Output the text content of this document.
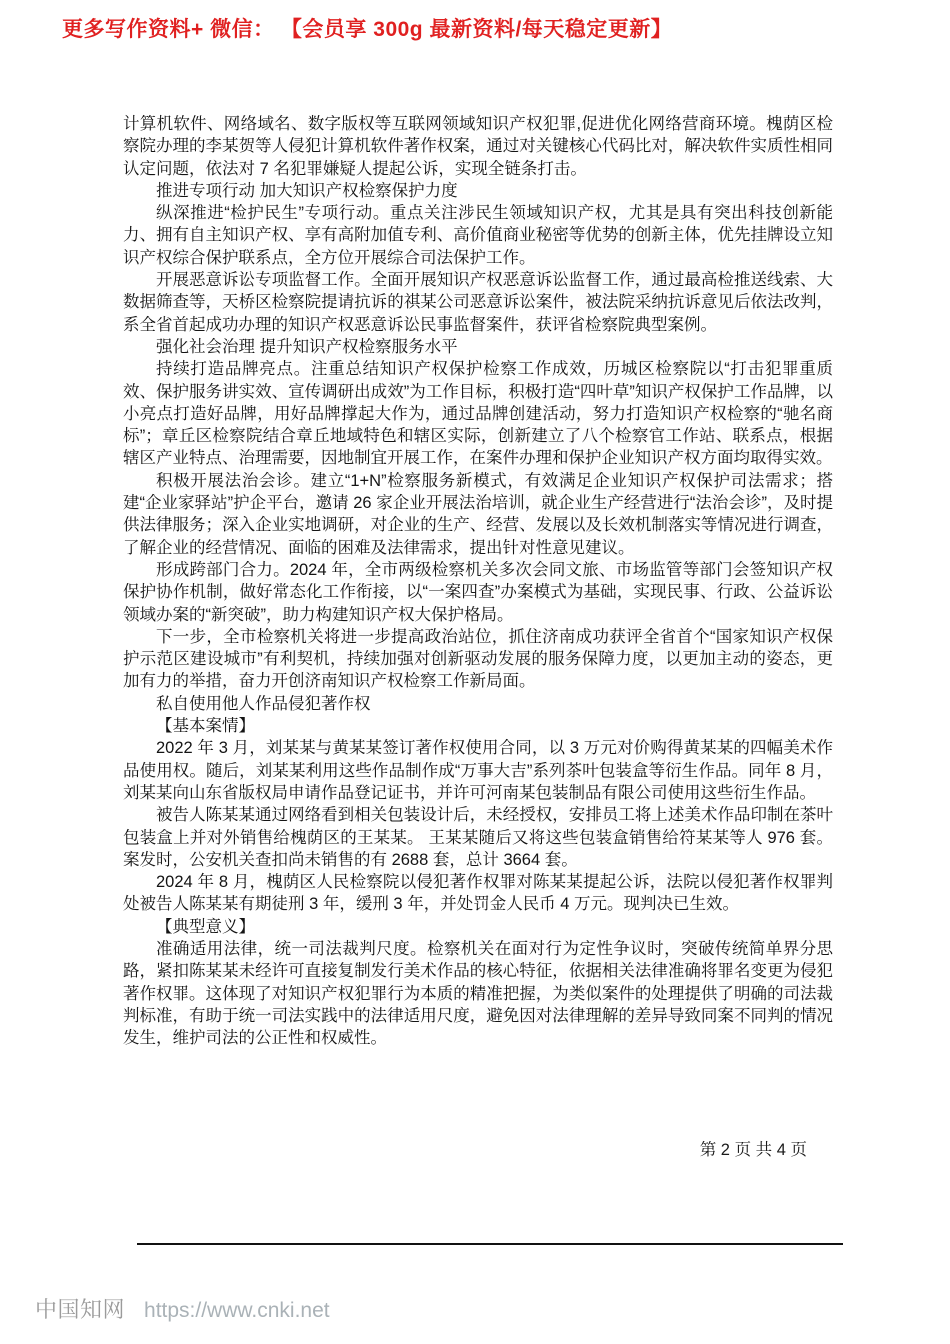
更多写作资料+ 微信： 【会员享 300g 最新资料/每天稳定更新】

计算机软件、网络域名、数字版权等互联网领域知识产权犯罪,促进优化网络营商环境。槐荫区检察院办理的李某贺等人侵犯计算机软件著作权案，通过对关键核心代码比对，解决软件实质性相同认定问题，依法对 7 名犯罪嫌疑人提起公诉，实现全链条打击。

推进专项行动 加大知识产权检察保护力度

纵深推进“检护民生”专项行动。重点关注涉民生领域知识产权，尤其是具有突出科技创新能力、拥有自主知识产权、享有高附加值专利、高价值商业秘密等优势的创新主体，优先挂牌设立知识产权综合保护联系点，全方位开展综合司法保护工作。

开展恶意诉讼专项监督工作。全面开展知识产权恶意诉讼监督工作，通过最高检推送线索、大数据筛查等，天桥区检察院提请抗诉的祺某公司恶意诉讼案件，被法院采纳抗诉意见后依法改判，系全省首起成功办理的知识产权恶意诉讼民事监督案件，获评省检察院典型案例。

强化社会治理 提升知识产权检察服务水平

持续打造品牌亮点。注重总结知识产权保护检察工作成效，历城区检察院以“打击犯罪重质效、保护服务讲实效、宣传调研出成效”为工作目标，积极打造“四叶草”知识产权保护工作品牌，以小亮点打造好品牌，用好品牌撑起大作为，通过品牌创建活动，努力打造知识产权检察的“驰名商标”；章丘区检察院结合章丘地域特色和辖区实际，创新建立了八个检察官工作站、联系点，根据辖区产业特点、治理需要，因地制宜开展工作，在案件办理和保护企业知识产权方面均取得实效。

积极开展法治会诊。建立“1+N”检察服务新模式，有效满足企业知识产权保护司法需求；搭建“企业家驿站”护企平台，邀请 26 家企业开展法治培训，就企业生产经营进行“法治会诊”，及时提供法律服务；深入企业实地调研，对企业的生产、经营、发展以及长效机制落实等情况进行调查，了解企业的经营情况、面临的困难及法律需求，提出针对性意见建议。

形成跨部门合力。2024 年，全市两级检察机关多次会同文旅、市场监管等部门会签知识产权保护协作机制，做好常态化工作衔接，以“一案四查”办案模式为基础，实现民事、行政、公益诉讼领域办案的“新突破”，助力构建知识产权大保护格局。

下一步，全市检察机关将进一步提高政治站位，抓住济南成功获评全省首个“国家知识产权保护示范区建设城市”有利契机，持续加强对创新驱动发展的服务保障力度，以更加主动的姿态，更加有力的举措，奋力开创济南知识产权检察工作新局面。

私自使用他人作品侵犯著作权

【基本案情】

2022 年 3 月，刘某某与黄某某签订著作权使用合同，以 3 万元对价购得黄某某的四幅美术作品使用权。随后，刘某某利用这些作品制作成“万事大吉”系列茶叶包装盒等衍生作品。同年 8 月，刘某某向山东省版权局申请作品登记证书，并许可河南某包装制品有限公司使用这些衍生作品。

被告人陈某某通过网络看到相关包装设计后，未经授权，安排员工将上述美术作品印制在茶叶包装盒上并对外销售给槐荫区的王某某。 王某某随后又将这些包装盒销售给符某某等人 976 套。案发时，公安机关查扣尚未销售的有 2688 套，总计 3664 套。

2024 年 8 月，槐荫区人民检察院以侵犯著作权罪对陈某某提起公诉，法院以侵犯著作权罪判处被告人陈某某有期徒刑 3 年，缓刑 3 年，并处罚金人民币 4 万元。现判决已生效。

【典型意义】

准确适用法律，统一司法裁判尺度。检察机关在面对行为定性争议时，突破传统简单界分思路，紧扣陈某某未经许可直接复制发行美术作品的核心特征，依据相关法律准确将罪名变更为侵犯著作权罪。这体现了对知识产权犯罪行为本质的精准把握，为类似案件的处理提供了明确的司法裁判标准，有助于统一司法实践中的法律适用尺度，避免因对法律理解的差异导致同案不同判的情况发生，维护司法的公正性和权威性。

第 2 页 共 4 页
中国知网 https://www.cnki.net
